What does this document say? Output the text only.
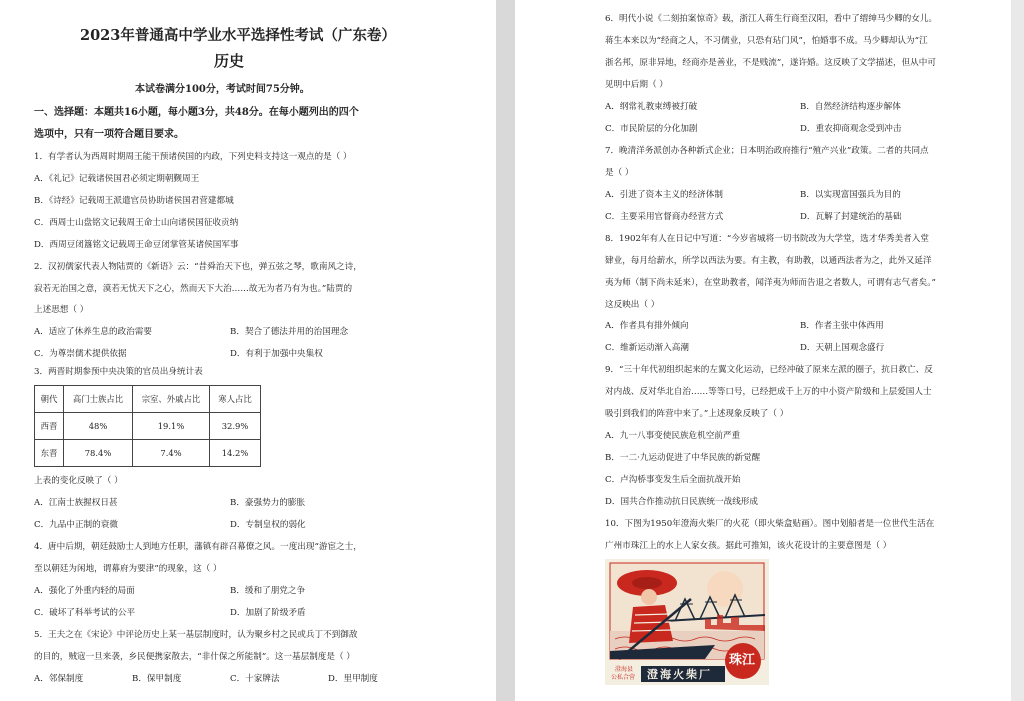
2023年普通高中学业水平选择性考试（广东卷）
历史
本试卷满分100分，考试时间75分钟。
一、选择题：本题共16小题，每小题3分，共48分。在每小题列出的四个
选项中，只有一项符合题目要求。
1．有学者认为西周时期周王能干预诸侯国的内政，下列史料支持这一观点的是（ ）
A．《礼记》记载诸侯国君必须定期朝觐周王
B．《诗经》记载周王派遣官员协助诸侯国君营建都城
C．西周士山盘铭文记载周王命士山向诸侯国征收贡纳
D．西周豆闭簋铭文记载周王命豆闭掌管某诸侯国军事
2．汉初儒家代表人物陆贾的《新语》云：“昔舜治天下也，弹五弦之琴，歌南风之诗，
寂若无治国之意，漠若无忧天下之心，然而天下大治……故无为者乃有为也。”陆贾的
上述思想（ ）
A．适应了休养生息的政治需要	B．契合了德法并用的治国理念
C．为尊崇儒术提供依据	D．有利于加强中央集权
3．两晋时期参预中央决策的官员出身统计表
朝代	高门士族占比	宗室、外戚占比	寒人占比
西晋	48%	19.1%	32.9%
东晋	78.4%	7.4%	14.2%
上表的变化反映了（ ）
A．江南士族握权日甚	B．豪强势力的膨胀
C．九品中正制的衰微	D．专制皇权的弱化
4．唐中后期，朝廷鼓励士人到地方任职，藩镇有辟召幕僚之风。一度出现“游宦之士，
至以朝廷为闲地，谓幕府为要津”的现象，这（ ）
A．强化了外重内轻的局面	B．缓和了朋党之争
C．破坏了科举考试的公平	D．加剧了阶级矛盾
5．王夫之在《宋论》中评论历史上某一基层制度时，认为聚乡村之民或兵丁不到御敌
的目的，贼寇一旦来袭，乡民便携家散去，“非什保之所能制”。这一基层制度是（ ）
A．邻保制度	B．保甲制度	C．十家牌法	D．里甲制度
6．明代小说《二刻拍案惊奇》载，浙江人蒋生行商至汉阳，看中了缙绅马少卿的女儿。
蒋生本来以为“经商之人，不习儒业，只恐有玷门风”，怕婚事不成。马少卿却认为“江
浙名邦，原非异地，经商亦是善业，不是贱流”，遂许婚。这反映了文学描述，但从中可
见明中后期（ ）
A．纲常礼教束缚被打破	B．自然经济结构逐步解体
C．市民阶层的分化加剧	D．重农抑商观念受到冲击
7．晚清洋务派创办各种新式企业；日本明治政府推行“殖产兴业”政策。二者的共同点
是（ ）
A．引进了资本主义的经济体制	B．以实现富国强兵为目的
C．主要采用官督商办经营方式	D．瓦解了封建统治的基础
8．1902年有人在日记中写道：“今岁省城将一切书院改为大学堂，选才华秀美者入堂
肄业，每月给薪水，所学以西法为要。有主教，有助教，以通西法者为之，此外又延洋
夷为师（制下尚未延来），在堂助教者，闻洋夷为师而告退之者数人，可谓有志气者矣。”
这反映出（ ）
A．作者具有排外倾向	B．作者主张中体西用
C．维新运动渐入高潮	D．天朝上国观念盛行
9．“三十年代初组织起来的左翼文化运动，已经冲破了原来左派的圈子，抗日救亡、反
对内战、反对华北自治……等等口号，已经把成千上万的中小资产阶级和上层爱国人士
吸引到我们的阵营中来了。”上述现象反映了（ ）
A．九一八事变使民族危机空前严重
B．一二·九运动促进了中华民族的新觉醒
C．卢沟桥事变发生后全面抗战开始
D．国共合作推动抗日民族统一战线形成
10．下图为1950年澄海火柴厂的火花（即火柴盒贴画）。图中划船者是一位世代生活在
广州市珠江上的水上人家女孩。据此可推知，该火花设计的主要意图是（ ）
澄海县
公私合营 澄海火柴厂
珠江
